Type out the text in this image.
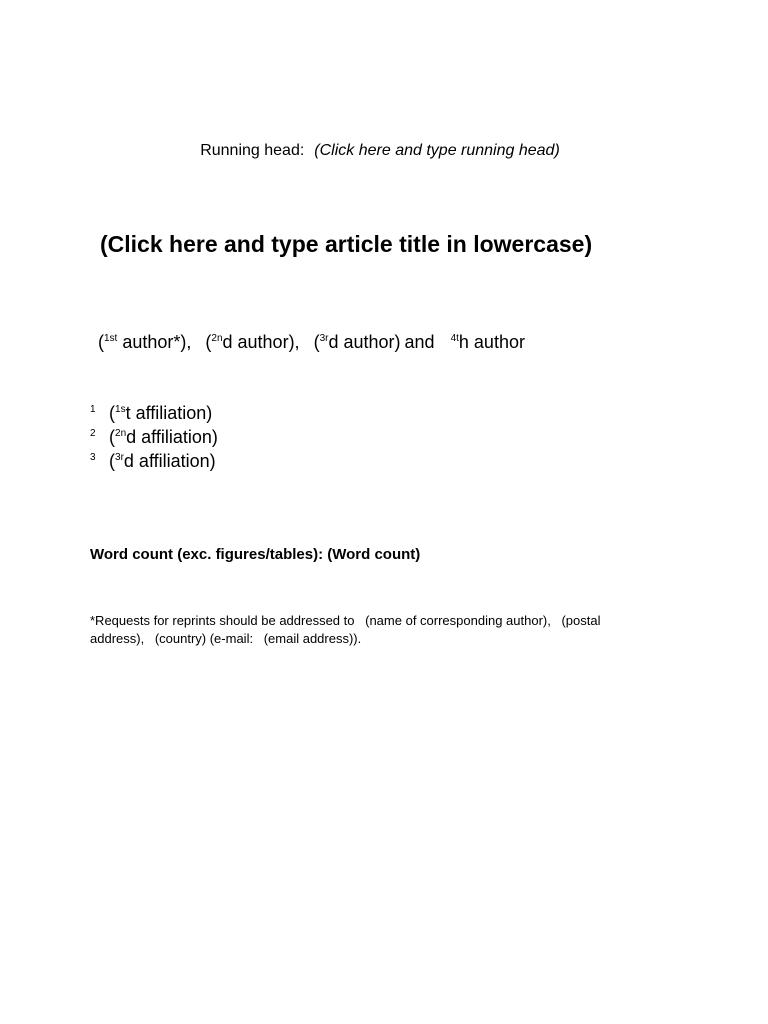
Running head: (Click here and type running head)
(Click here and type article title in lowercase)
($^{1st}$ author*), ($^{2n}$d author), ($^{3r}$d author) and $^{4t}$h author
$^1$ ($^{1s}$t affiliation)
$^2$ ($^{2n}$d affiliation)
$^3$ ($^{3r}$d affiliation)
Word count (exc. figures/tables): (Word count)
*Requests for reprints should be addressed to (name of corresponding author), (postal address), (country) (e-mail: (email address)).
